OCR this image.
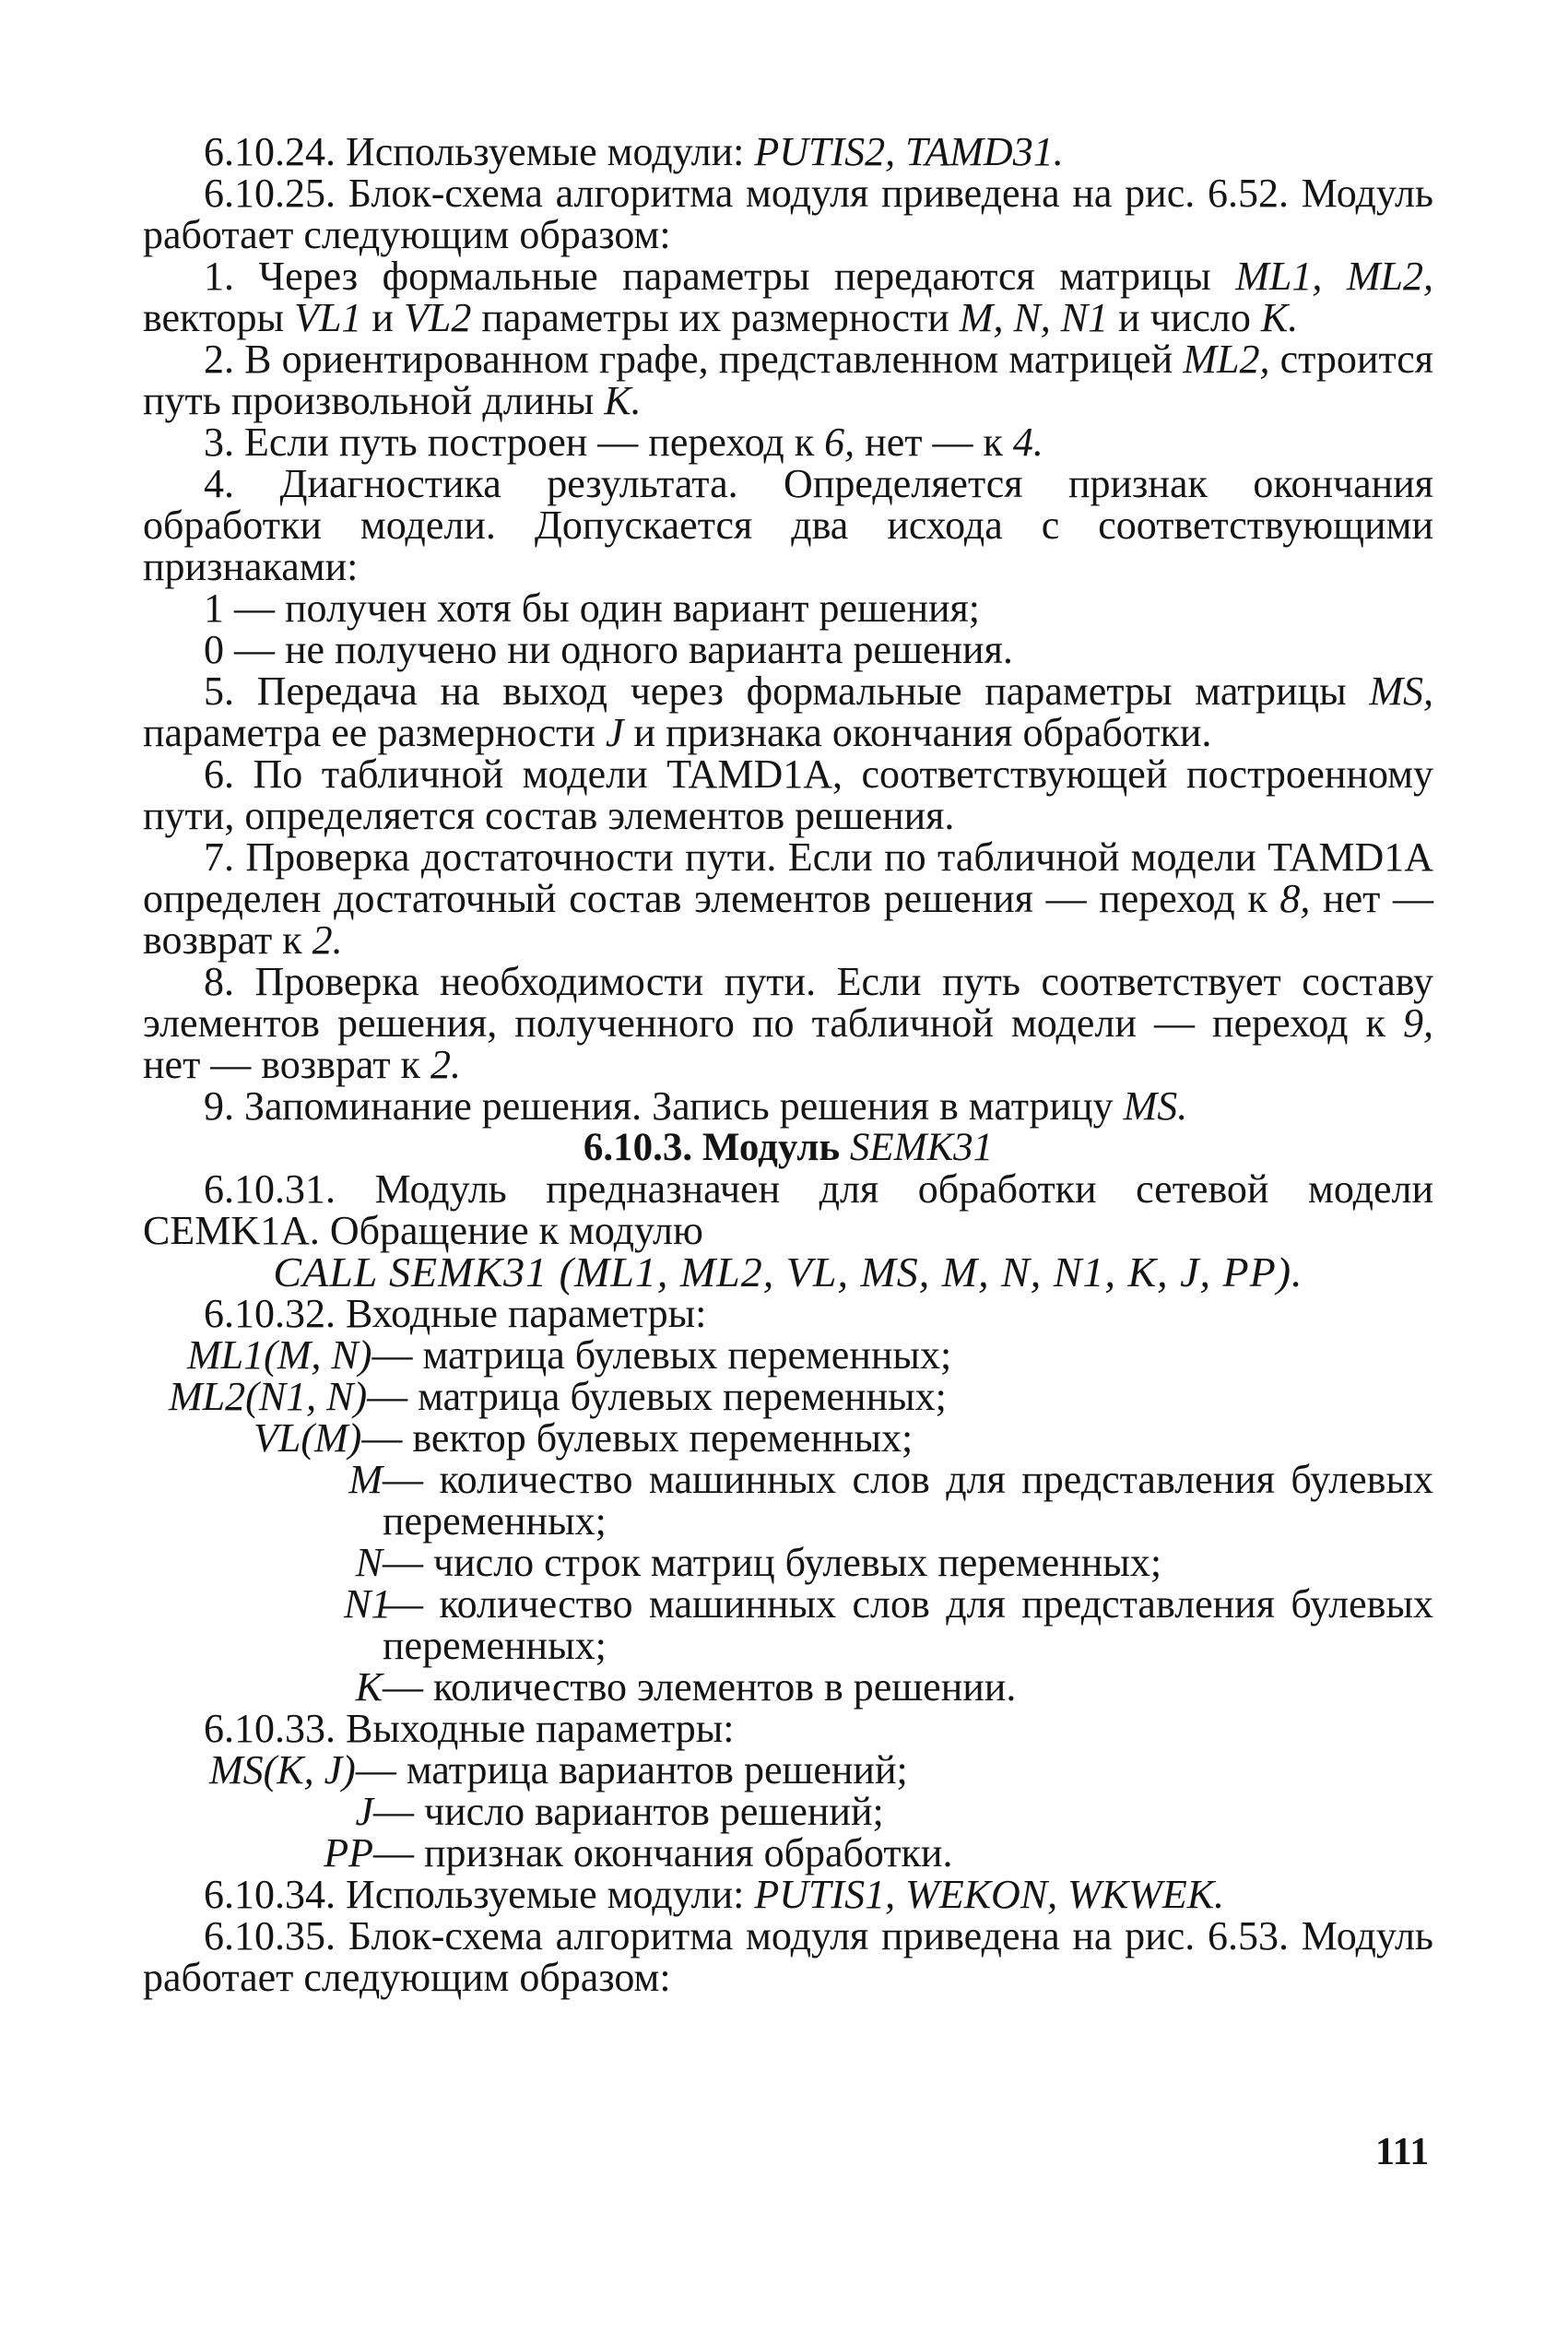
6.10.24. Используемые модули: PUTIS2, TAMD31.

6.10.25. Блок-схема алгоритма модуля приведена на рис. 6.52. Модуль работает следующим образом:

1. Через формальные параметры передаются матрицы ML1, ML2, векторы VL1 и VL2 параметры их размерности M, N, N1 и число K.

2. В ориентированном графе, представленном матрицей ML2, строится путь произвольной длины K.

3. Если путь построен — переход к 6, нет — к 4.

4. Диагностика результата. Определяется признак окончания обработки модели. Допускается два исхода с соответствующими признаками:

1 — получен хотя бы один вариант решения;

0 — не получено ни одного варианта решения.

5. Передача на выход через формальные параметры матрицы MS, параметра ее размерности J и признака окончания обработки.

6. По табличной модели TAMD1A, соответствующей построенному пути, определяется состав элементов решения.

7. Проверка достаточности пути. Если по табличной модели TAMD1A определен достаточный состав элементов решения — переход к 8, нет — возврат к 2.

8. Проверка необходимости пути. Если путь соответствует составу элементов решения, полученного по табличной модели — переход к 9, нет — возврат к 2.

9. Запоминание решения. Запись решения в матрицу MS.

6.10.3. Модуль SEMK31

6.10.31. Модуль предназначен для обработки сетевой модели CEMK1A. Обращение к модулю

CALL SEMK31 (ML1, ML2, VL, MS, M, N, N1, K, J, PP).

6.10.32. Входные параметры:

ML1(M, N) — матрица булевых переменных;
ML2(N1, N) — матрица булевых переменных;
VL(M) — вектор булевых переменных;
M — количество машинных слов для представления булевых переменных;
N — число строк матриц булевых переменных;
N1
— количество машинных слов для представления булевых переменных;
K — количество элементов в решении.

6.10.33. Выходные параметры:

MS(K, J) — матрица вариантов решений;
J — число вариантов решений;
PP — признак окончания обработки.

6.10.34. Используемые модули: PUTIS1, WEKON, WKWEK.

6.10.35. Блок-схема алгоритма модуля приведена на рис. 6.53. Модуль работает следующим образом:

111
